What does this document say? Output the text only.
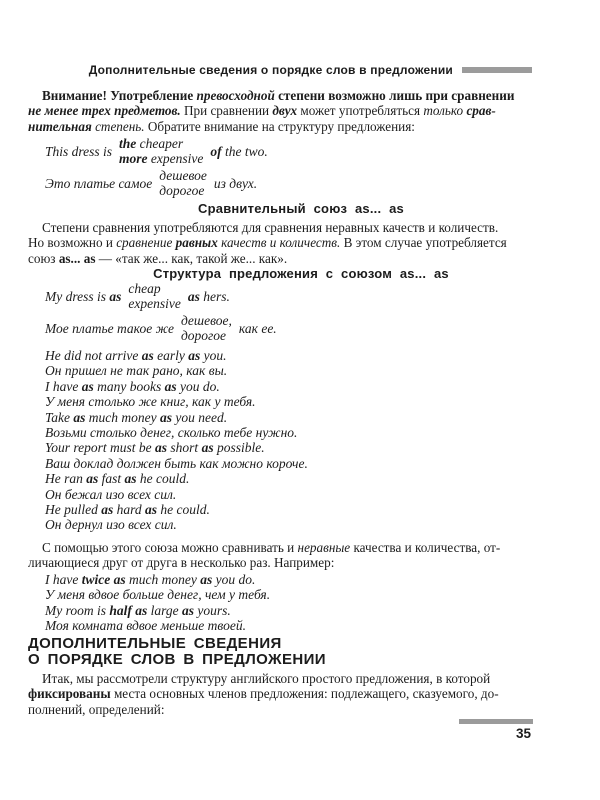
Дополнительные сведения о порядке слов в предложении
Внимание! Употребление превосходной степени возможно лишь при сравнении
не менее трех предметов. При сравнении двух может употребляться только срав-
нительная степень. Обратите внимание на структуру предложения:
This dress is the cheaper
more expensive of the two.
Это платье самое дешевое
дорогое из двух.
Сравнительный союз as... as
Степени сравнения употребляются для сравнения неравных качеств и количеств.
Но возможно и сравнение равных качеств и количеств. В этом случае употребляется
союз as... as — «так же... как, такой же... как».
Структура предложения с союзом as... as
My dress is as cheap
expensive as hers.
Мое платье такое же дешевое,
дорогое как ее.
He did not arrive as early as you.
Он пришел не так рано, как вы.
I have as many books as you do.
У меня столько же книг, как у тебя.
Take as much money as you need.
Возьми столько денег, сколько тебе нужно.
Your report must be as short as possible.
Ваш доклад должен быть как можно короче.
He ran as fast as he could.
Он бежал изо всех сил.
He pulled as hard as he could.
Он дернул изо всех сил.
С помощью этого союза можно сравнивать и неравные качества и количества, от-
личающиеся друг от друга в несколько раз. Например:
I have twice as much money as you do.
У меня вдвое больше денег, чем у тебя.
My room is half as large as yours.
Моя комната вдвое меньше твоей.
ДОПОЛНИТЕЛЬНЫЕ СВЕДЕНИЯ
О ПОРЯДКЕ СЛОВ В ПРЕДЛОЖЕНИИ
Итак, мы рассмотрели структуру английского простого предложения, в которой
фиксированы места основных членов предложения: подлежащего, сказуемого, до-
полнений, определений:
35
